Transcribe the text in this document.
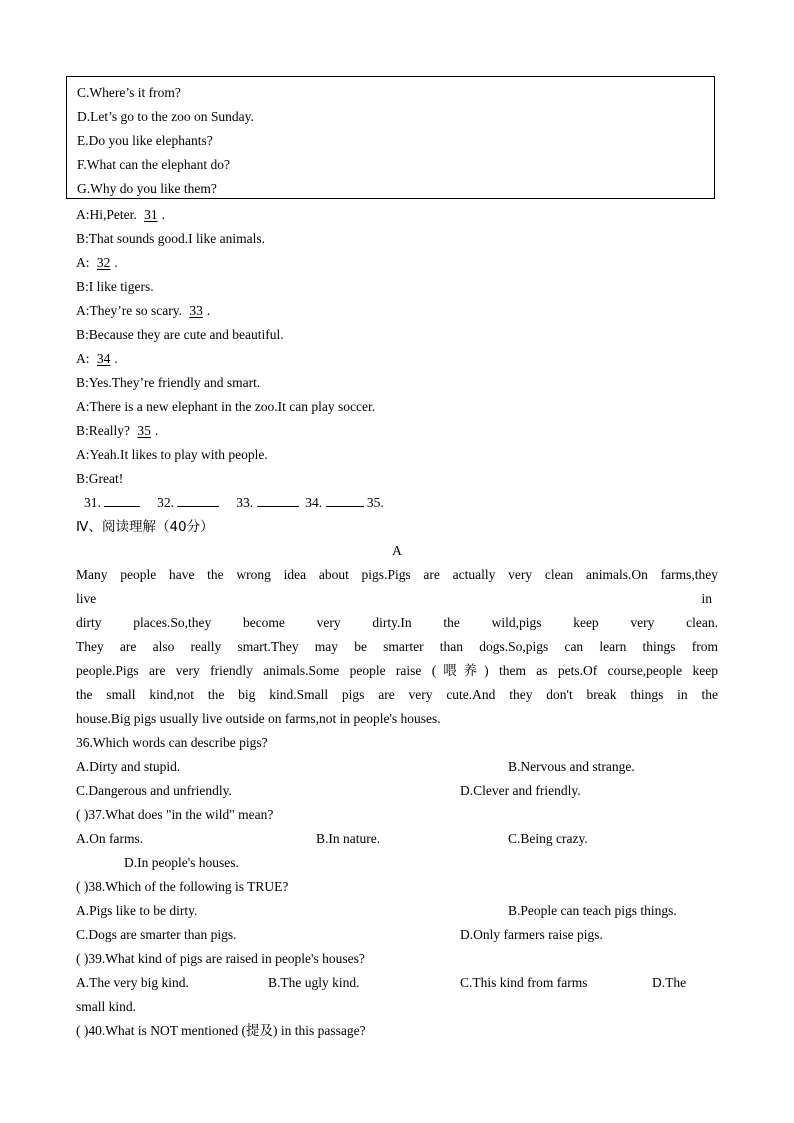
C.Where’s it from?
D.Let’s go to the zoo on Sunday.
E.Do you like elephants?
F.What can the elephant do?
G.Why do you like them?
A:Hi,Peter. 31 .
B:That sounds good.I like animals.
A: 32 .
B:I like tigers.
A:They’re so scary. 33 .
B:Because they are cute and beautiful.
A: 34 .
B:Yes.They’re friendly and smart.
A:There is a new elephant in the zoo.It can play soccer.
B:Really? 35 .
A:Yeah.It likes to play with people.
B:Great!
31.	32.	33.	34.	35.
Ⅳ、阅读理解（40分）
A
Many people have the wrong idea about pigs.Pigs are actually very clean animals.On farms,they
live	in
dirty places.So,they become very dirty.In the wild,pigs keep very clean.
They are also really smart.They may be smarter than dogs.So,pigs can learn things from
people.Pigs are very friendly animals.Some people raise (喂养) them as pets.Of course,people keep
the small kind,not the big kind.Small pigs are very cute.And they don't break things in the
house.Big pigs usually live outside on farms,not in people's houses.
36.Which words can describe pigs?
A.Dirty and stupid.	B.Nervous and strange.
C.Dangerous and unfriendly.	D.Clever and friendly.
( )37.What does "in the wild" mean?
A.On farms.	B.In nature.	C.Being crazy.
D.In people's houses.
( )38.Which of the following is TRUE?
A.Pigs like to be dirty.	B.People can teach pigs things.
C.Dogs are smarter than pigs.	D.Only farmers raise pigs.
( )39.What kind of pigs are raised in people's houses?
A.The very big kind.	B.The ugly kind.	C.This kind from farms	D.The
small kind.
( )40.What is NOT mentioned (提及) in this passage?
